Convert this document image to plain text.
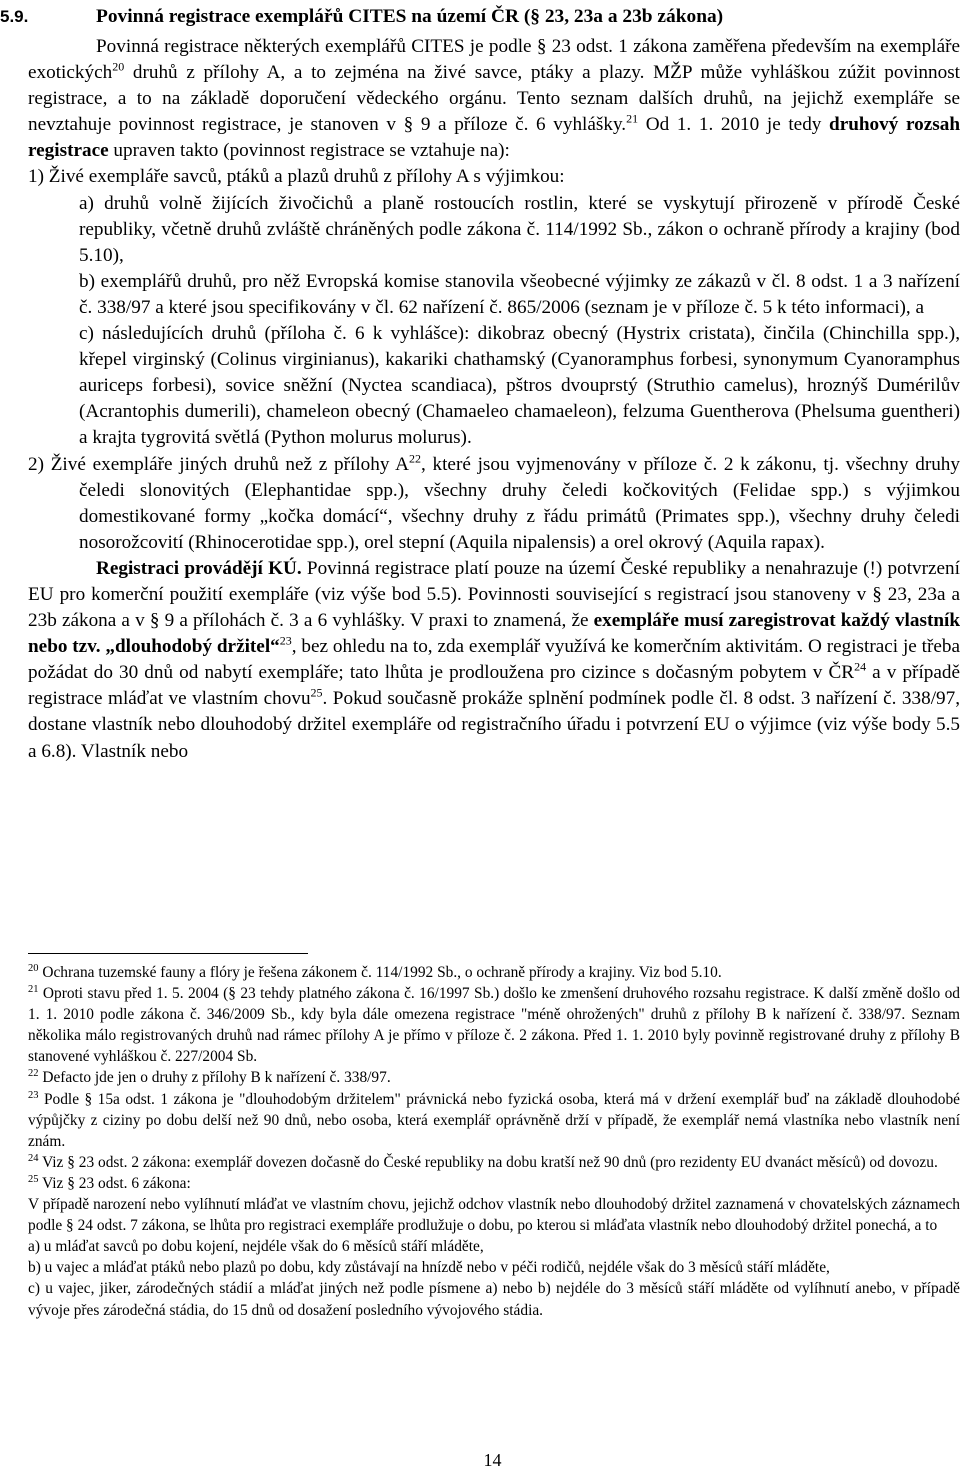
5.9.	Povinná registrace exemplářů CITES na území ČR (§ 23, 23a a 23b zákona)

Povinná registrace některých exemplářů CITES je podle § 23 odst. 1 zákona zaměřena především na exempláře exotických$^{20}$ druhů z přílohy A, a to zejména na živé savce, ptáky a plazy. MŽP může vyhláškou zúžit povinnost registrace, a to na základě doporučení vědeckého orgánu. Tento seznam dalších druhů, na jejichž exempláře se nevztahuje povinnost registrace, je stanoven v § 9 a příloze č. 6 vyhlášky.$^{21}$ Od 1. 1. 2010 je tedy druhový rozsah registrace upraven takto (povinnost registrace se vztahuje na):

1) Živé exempláře savců, ptáků a plazů druhů z přílohy A s výjimkou:

a) druhů volně žijících živočichů a planě rostoucích rostlin, které se vyskytují přirozeně v přírodě České republiky, včetně druhů zvláště chráněných podle zákona č. 114/1992 Sb., zákon o ochraně přírody a krajiny (bod 5.10),

b) exemplářů druhů, pro něž Evropská komise stanovila všeobecné výjimky ze zákazů v čl. 8 odst. 1 a 3 nařízení č. 338/97 a které jsou specifikovány v čl. 62 nařízení č. 865/2006 (seznam je v příloze č. 5 k této informaci), a

c) následujících druhů (příloha č. 6 k vyhlášce): dikobraz obecný (Hystrix cristata), činčila (Chinchilla spp.), křepel virginský (Colinus virginianus), kakariki chathamský (Cyanoramphus forbesi, synonymum Cyanoramphus auriceps forbesi), sovice sněžní (Nyctea scandiaca), pštros dvouprstý (Struthio camelus), hroznýš Dumérilův (Acrantophis dumerili), chameleon obecný (Chamaeleo chamaeleon), felzuma Guentherova (Phelsuma guentheri) a krajta tygrovitá světlá (Python molurus molurus).

2) Živé exempláře jiných druhů než z přílohy $A^{22}$, které jsou vyjmenovány v příloze č. 2 k zákonu, tj. všechny druhy čeledi slonovitých (Elephantidae spp.), všechny druhy čeledi kočkovitých (Felidae spp.) s výjimkou domestikované formy „kočka domácí“, všechny druhy z řádu primátů (Primates spp.), všechny druhy čeledi nosorožcovití (Rhinocerotidae spp.), orel stepní (Aquila nipalensis) a orel okrový (Aquila rapax).

Registraci provádějí KÚ. Povinná registrace platí pouze na území České republiky a nenahrazuje (!) potvrzení EU pro komerční použití exempláře (viz výše bod 5.5). Povinnosti související s registrací jsou stanoveny v § 23, 23a a 23b zákona a v § 9 a přílohách č. 3 a 6 vyhlášky. V praxi to znamená, že exempláře musí zaregistrovat každý vlastník nebo tzv. „dlouhodobý držitel“$^{23}$, bez ohledu na to, zda exemplář využívá ke komerčním aktivitám. O registraci je třeba požádat do 30 dnů od nabytí exempláře; tato lhůta je prodloužena pro cizince s dočasným pobytem v ČR$^{24}$ a v případě registrace mláďat ve vlastním chovu$^{25}$. Pokud současně prokáže splnění podmínek podle čl. 8 odst. 3 nařízení č. 338/97, dostane vlastník nebo dlouhodobý držitel exempláře od registračního úřadu i potvrzení EU o výjimce (viz výše body 5.5 a 6.8). Vlastník nebo

$^{20}$ Ochrana tuzemské fauny a flóry je řešena zákonem č. 114/1992 Sb., o ochraně přírody a krajiny. Viz bod 5.10.

$^{21}$ Oproti stavu před 1. 5. 2004 (§ 23 tehdy platného zákona č. 16/1997 Sb.) došlo ke zmenšení druhového rozsahu registrace. K další změně došlo od 1. 1. 2010 podle zákona č. 346/2009 Sb., kdy byla dále omezena registrace "méně ohrožených" druhů z přílohy B k nařízení č. 338/97. Seznam několika málo registrovaných druhů nad rámec přílohy A je přímo v příloze č. 2 zákona. Před 1. 1. 2010 byly povinně registrované druhy z přílohy B stanovené vyhláškou č. 227/2004 Sb.

$^{22}$ Defacto jde jen o druhy z přílohy B k nařízení č. 338/97.

$^{23}$ Podle § 15a odst. 1 zákona je "dlouhodobým držitelem" právnická nebo fyzická osoba, která má v držení exemplář buď na základě dlouhodobé výpůjčky z ciziny po dobu delší než 90 dnů, nebo osoba, která exemplář oprávněně drží v případě, že exemplář nemá vlastníka nebo vlastník není znám.

$^{24}$ Viz § 23 odst. 2 zákona: exemplář dovezen dočasně do České republiky na dobu kratší než 90 dnů (pro rezidenty EU dvanáct měsíců) od dovozu.

$^{25}$ Viz § 23 odst. 6 zákona:

V případě narození nebo vylíhnutí mláďat ve vlastním chovu, jejichž odchov vlastník nebo dlouhodobý držitel zaznamená v chovatelských záznamech podle § 24 odst. 7 zákona, se lhůta pro registraci exempláře prodlužuje o dobu, po kterou si mláďata vlastník nebo dlouhodobý držitel ponechá, a to

a) u mláďat savců po dobu kojení, nejdéle však do 6 měsíců stáří mláděte,

b) u vajec a mláďat ptáků nebo plazů po dobu, kdy zůstávají na hnízdě nebo v péči rodičů, nejdéle však do 3 měsíců stáří mláděte,

c) u vajec, jiker, zárodečných stádií a mláďat jiných než podle písmene a) nebo b) nejdéle do 3 měsíců stáří mláděte od vylíhnutí anebo, v případě vývoje přes zárodečná stádia, do 15 dnů od dosažení posledního vývojového stádia.

14
